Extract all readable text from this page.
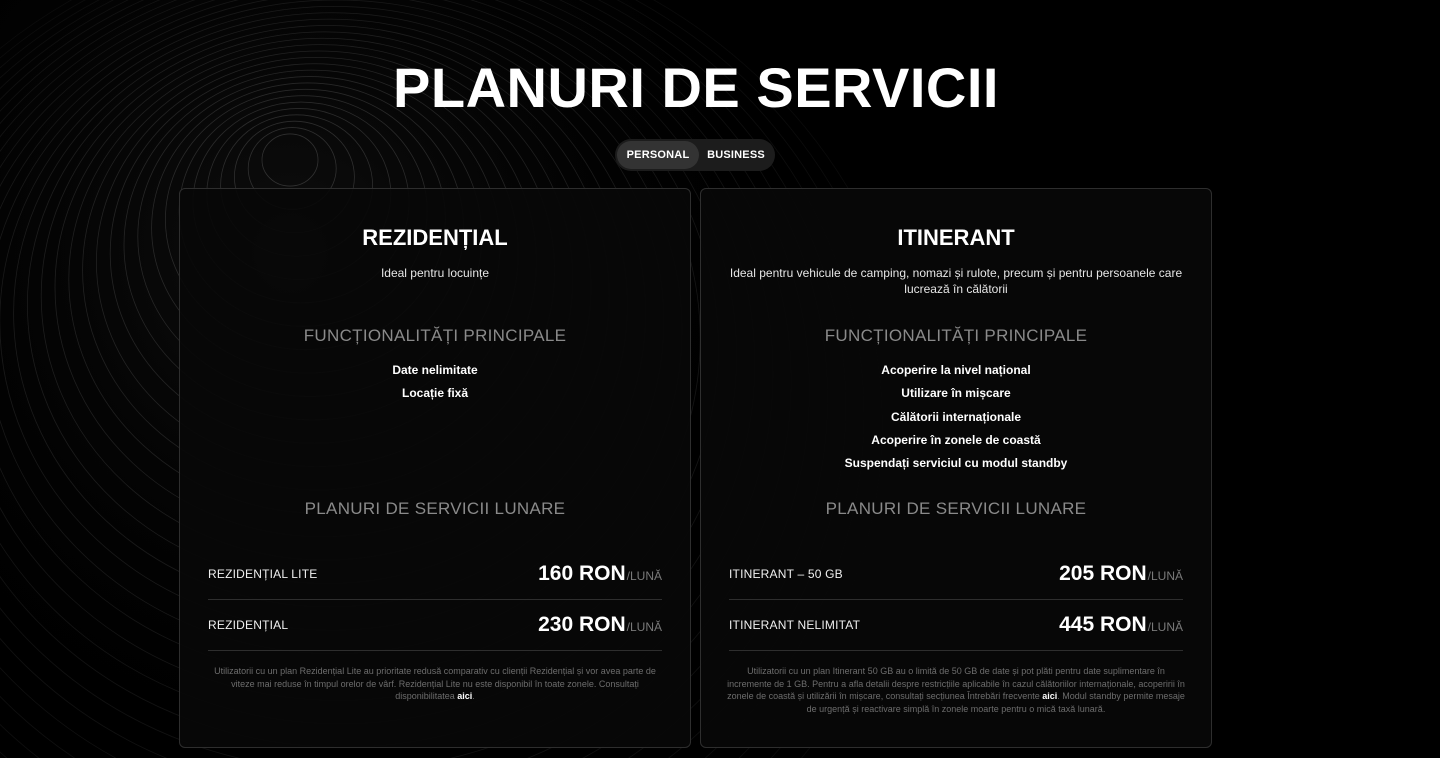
PLANURI DE SERVICII
PERSONAL	BUSINESS
REZIDENȚIAL
Ideal pentru locuințe
FUNCȚIONALITĂȚI PRINCIPALE
Date nelimitate
Locație fixă
PLANURI DE SERVICII LUNARE
REZIDENȚIAL LITE	160 RON /LUNĂ
REZIDENȚIAL	230 RON /LUNĂ

Utilizatorii cu un plan Rezidențial Lite au prioritate redusă comparativ cu clienții Rezidențial și vor avea parte de viteze mai reduse în timpul orelor de vârf. Rezidențial Lite nu este disponibil în toate zonele. Consultați disponibilitatea aici.

ITINERANT
Ideal pentru vehicule de camping, nomazi și rulote, precum și pentru persoanele care lucrează în călătorii
FUNCȚIONALITĂȚI PRINCIPALE
Acoperire la nivel național
Utilizare în mișcare
Călătorii internaționale
Acoperire în zonele de coastă
Suspendați serviciul cu modul standby
PLANURI DE SERVICII LUNARE
ITINERANT – 50 GB	205 RON /LUNĂ
ITINERANT NELIMITAT	445 RON /LUNĂ

Utilizatorii cu un plan Itinerant 50 GB au o limită de 50 GB de date și pot plăti pentru date suplimentare în incremente de 1 GB. Pentru a afla detalii despre restricțiile aplicabile în cazul călătoriilor internaționale, acoperirii în zonele de coastă și utilizării în mișcare, consultați secțiunea Întrebări frecvente aici. Modul standby permite mesaje de urgență și reactivare simplă în zonele moarte pentru o mică taxă lunară.
